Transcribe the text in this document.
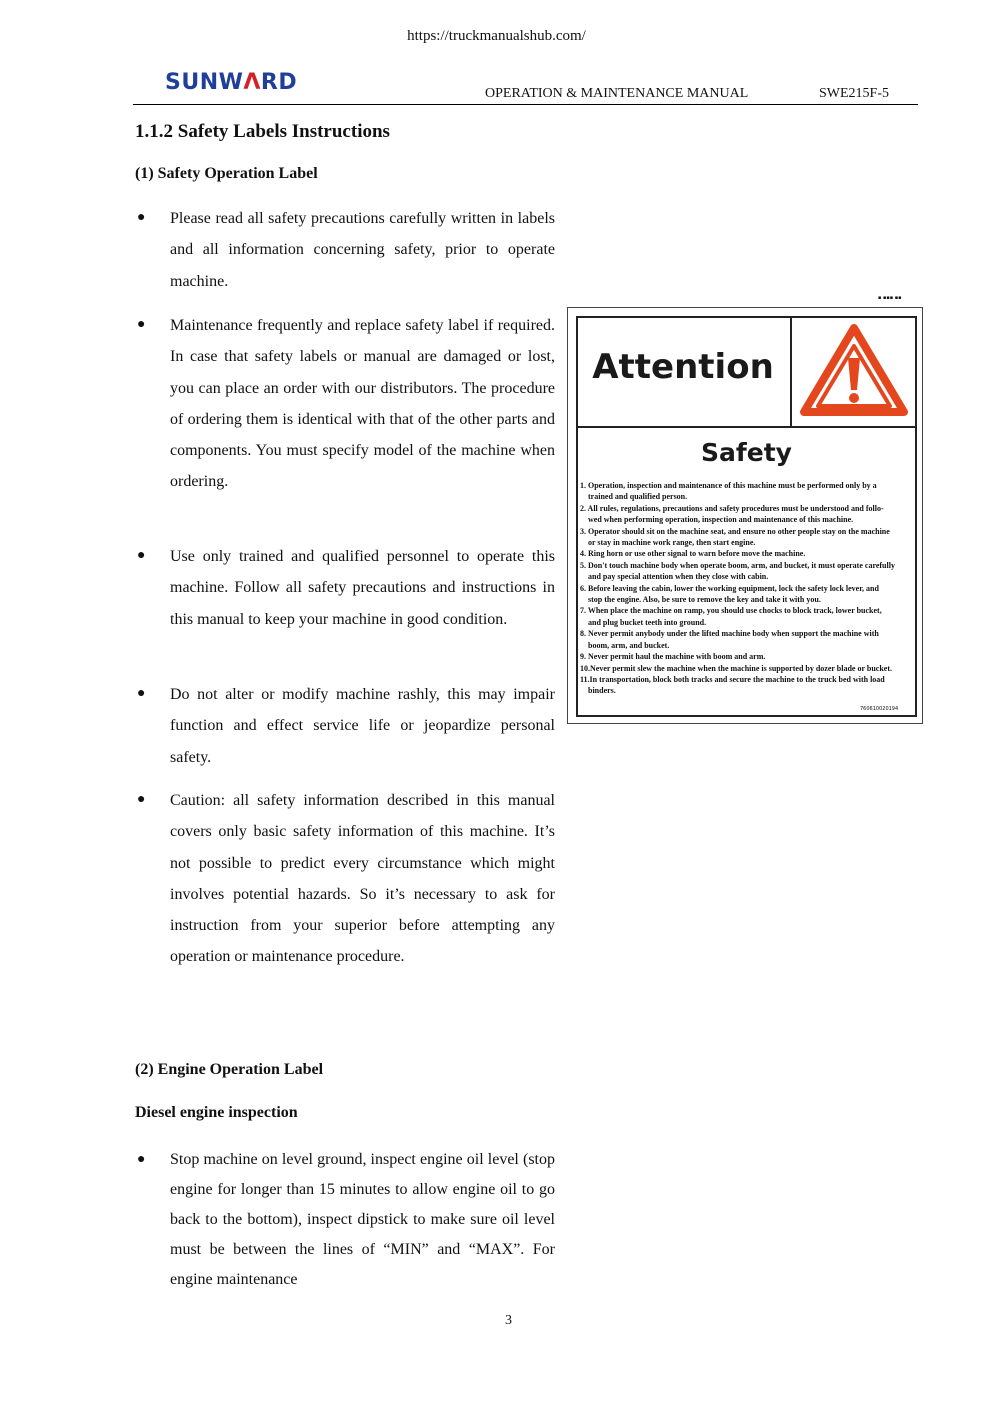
https://truckmanualshub.com/
SUNWΛRD	OPERATION & MAINTENANCE MANUAL	SWE215F-5
1.1.2 Safety Labels Instructions
(1) Safety Operation Label
● Please read all safety precautions carefully written in labels and all information concerning safety, prior to operate machine.
● Maintenance frequently and replace safety label if required. In case that safety labels or manual are damaged or lost, you can place an order with our distributors. The procedure of ordering them is identical with that of the other parts and components. You must specify model of the machine when ordering.
● Use only trained and qualified personnel to operate this machine. Follow all safety precautions and instructions in this manual to keep your machine in good condition.
● Do not alter or modify machine rashly, this may impair function and effect service life or jeopardize personal safety.
● Caution: all safety information described in this manual covers only basic safety information of this machine. It’s not possible to predict every circumstance which might involves potential hazards. So it’s necessary to ask for instruction from your superior before attempting any operation or maintenance procedure.
(2) Engine Operation Label
Diesel engine inspection
● Stop machine on level ground, inspect engine oil level (stop engine for longer than 15 minutes to allow engine oil to go back to the bottom), inspect dipstick to make sure oil level must be between the lines of “MIN” and “MAX”. For engine maintenance
▪ ▪▪▪ ▪▪
Attention
Safety

1. Operation, inspection and maintenance of this machine must be performed only by a

trained and qualified person.

2. All rules, regulations, precautions and safety procedures must be understood and follo-

wed when performing operation, inspection and maintenance of this machine.

3. Operator should sit on the machine seat, and ensure no other people stay on the machine

or stay in machine work range, then start engine.

4. Ring horn or use other signal to warn before move the machine.

5. Don't touch machine body when operate boom, arm, and bucket, it must operate carefully

and pay special attention when they close with cabin.

6. Before leaving the cabin, lower the working equipment, lock the safety lock lever, and

stop the engine. Also, be sure to remove the key and take it with you.

7. When place the machine on ramp, you should use chocks to block track, lower bucket,

and plug bucket teeth into ground.

8. Never permit anybody under the lifted machine body when support the machine with

boom, arm, and bucket.

9. Never permit haul the machine with boom and arm.

10.Never permit slew the machine when the machine is supported by dozer blade or bucket.

11.In transportation, block both tracks and secure the machine to the truck bed with load

binders.

760610020194
3
